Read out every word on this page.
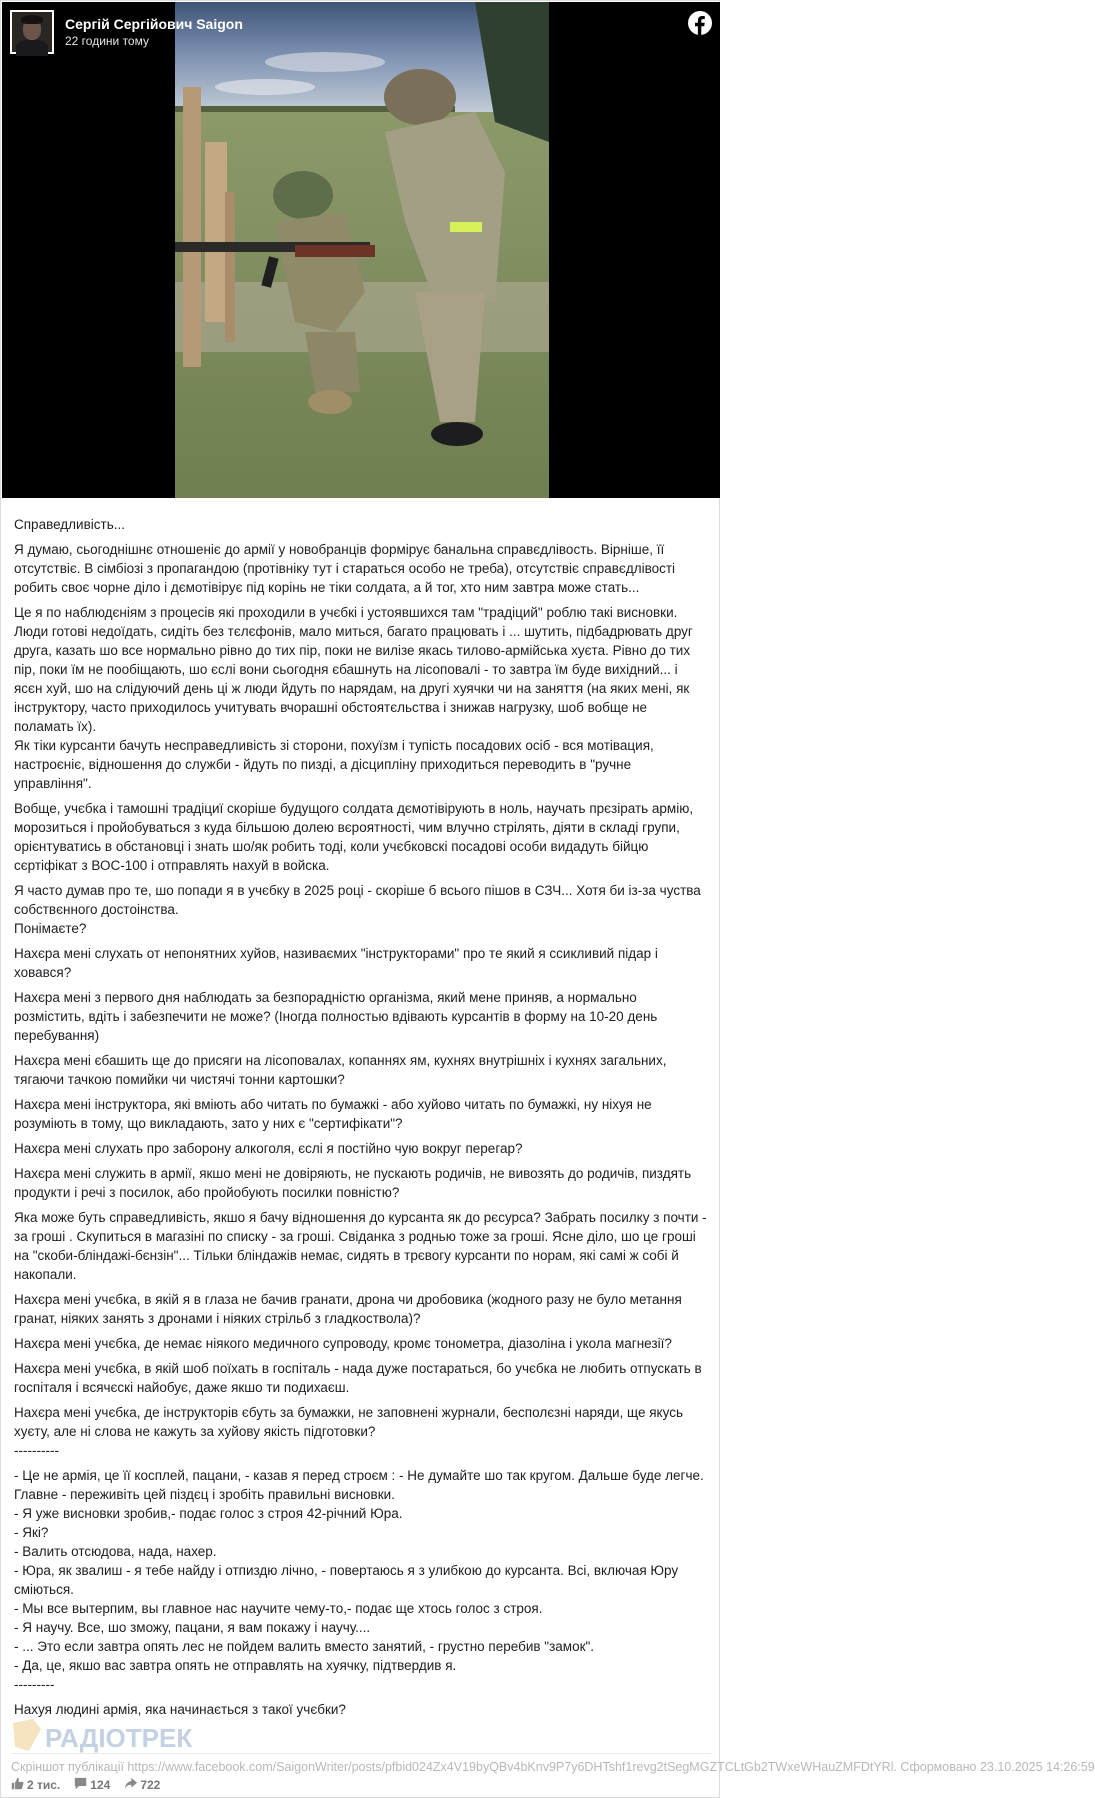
Сергій Сергійович Saigon
22 години тому

Справедливість...

Я думаю, сьогоднішнє отношеніє до армії у новобранців формірує банальна справєдлівость. Вірніше, її отсутствіє. В сімбіозі з пропагандою (протівніку тут і стараться особо не треба), отсутствіє справєдлівості робить своє чорне діло і дємотівірує під корінь не тіки солдата, а й тог, хто ним завтра може стать...

Це я по наблюдєніям з процесів які проходили в учєбкі і устоявшихся там "традіций" роблю такі висновки. Люди готові недоїдать, сидіть без тєлєфонів, мало миться, багато працювать і ... шутить, підбадрювать друг друга, казать шо все нормально рівно до тих пір, поки не вилізе якась тилово-армійська хуєта. Рівно до тих пір, поки їм не пообіщають, шо єслі вони сьогодня єбашнуть на лісоповалі - то завтра їм буде вихідний... і ясєн хуй, шо на слідуючий день ці ж люди йдуть по нарядам, на другі хуячки чи на заняття (на яких мені, як інструктору, часто приходилось учитувать вчорашні обстоятєльства і знижав нагрузку, шоб вобще не поламать їх).
Як тіки курсанти бачуть несправедливість зі сторони, похуїзм і тупість посадових осіб - вся мотівация, настроєніє, відношення до служби - йдуть по пизді, а дісципліну приходиться переводить в "ручне управління".

Вобще, учєбка і тамошні традіциї скоріше будущого солдата дємотівірують в ноль, научать прєзірать армію, морозиться і пройобуваться з куда більшою долею вєроятності, чим влучно стрілять, діяти в складі групи, орієнтуватись в обстановці і знать шо/як робить тоді, коли учєбковскі посадові особи видадуть бійцю сєртіфікат з ВОС-100 і отправлять нахуй в войска.

Я часто думав про те, шо попади я в учєбку в 2025 році - скоріше б всього пішов в СЗЧ... Хотя би із-за чуства собствєнного достоінства.
Понімаєте?

Нахєра мені слухать от непонятних хуйов, називаємих "інструкторами" про те який я ссикливий підар і ховався?

Нахєра мені з первого дня наблюдать за безпорадністю організма, який мене приняв, а нормально розмістить, вдіть і забезпечити не може? (Іногда полностью вдівають курсантів в форму на 10-20 день перебування)

Нахєра мені єбашить ще до присяги на лісоповалах, копаннях ям, кухнях внутрішніх і кухнях загальних, тягаючи тачкою помийки чи чистячі тонни картошки?

Нахєра мені інструктора, які вміють або читать по бумажкі - або хуйово читать по бумажкі, ну ніхуя не розуміють в тому, що викладають, зато у них є "сертифікати"?

Нахєра мені слухать про заборону алкоголя, єслі я постійно чую вокруг перегар?

Нахєра мені служить в армії, якшо мені не довіряють, не пускають родичів, не вивозять до родичів, пиздять продукти і речі з посилок, або пройобують посилки повністю?

Яка може буть справедливість, якшо я бачу відношення до курсанта як до рєсурса? Забрать посилку з почти - за гроші . Скупиться в магазіні по списку - за гроші. Свіданка з роднью тоже за гроші. Ясне діло, шо це гроші на "скоби-бліндажі-бєнзін"... Тільки бліндажів немає, сидять в трєвогу курсанти по норам, які самі ж собі й накопали.

Нахєра мені учєбка, в якій я в глаза не бачив гранати, дрона чи дробовика (жодного разу не було метання гранат, ніяких занять з дронами і ніяких стрільб з гладкоствола)?

Нахєра мені учєбка, де немає ніякого медичного супроводу, кромє тонометра, діазоліна і укола магнезії?

Нахєра мені учєбка, в якій шоб поїхать в госпіталь - нада дуже постараться, бо учєбка не любить отпускать в госпіталя і всячєскі найобує, даже якшо ти подихаєш.

Нахєра мені учєбка, де інструкторів єбуть за бумажки, не заповнені журнали, бесполєзні наряди, ще якусь хуєту, але ні слова не кажуть за хуйову якість підготовки?
----------

- Це не армія, це її косплей, пацани, - казав я перед строєм : - Не думайте шо так кругом. Дальше буде легче. Главне - переживіть цей піздєц і зробіть правильні висновки.
- Я уже висновки зробив,- подає голос з строя 42-річний Юра.
- Які?
- Валить отсюдова, нада, нахер.
- Юра, як звалиш - я тебе найду і отпиздю лічно, - повертаюсь я з улибкою до курсанта. Всі, включая Юру сміються.
- Мы все вытерпим, вы главное нас научите чему-то,- подає ще хтось голос з строя.
- Я научу. Все, шо зможу, пацани, я вам покажу і научу....
- ... Это если завтра опять лес не пойдем валить вместо занятий, - грустно перебив "замок".
- Да, це, якшо вас завтра опять не отправлять на хуячку, підтвердив я.
---------

Нахуя людині армія, яка начинається з такої учєбки?

РАДІОТРЕК
Скріншот публікації https://www.facebook.com/SaigonWriter/posts/pfbid024Zx4V19byQBv4bKnv9P7y6DHTshf1revg2tSegMGZTCLtGb2TWxeWHauZMFDtYRl. Сформовано 23.10.2025 14:26:59
2 тис.	124	722
